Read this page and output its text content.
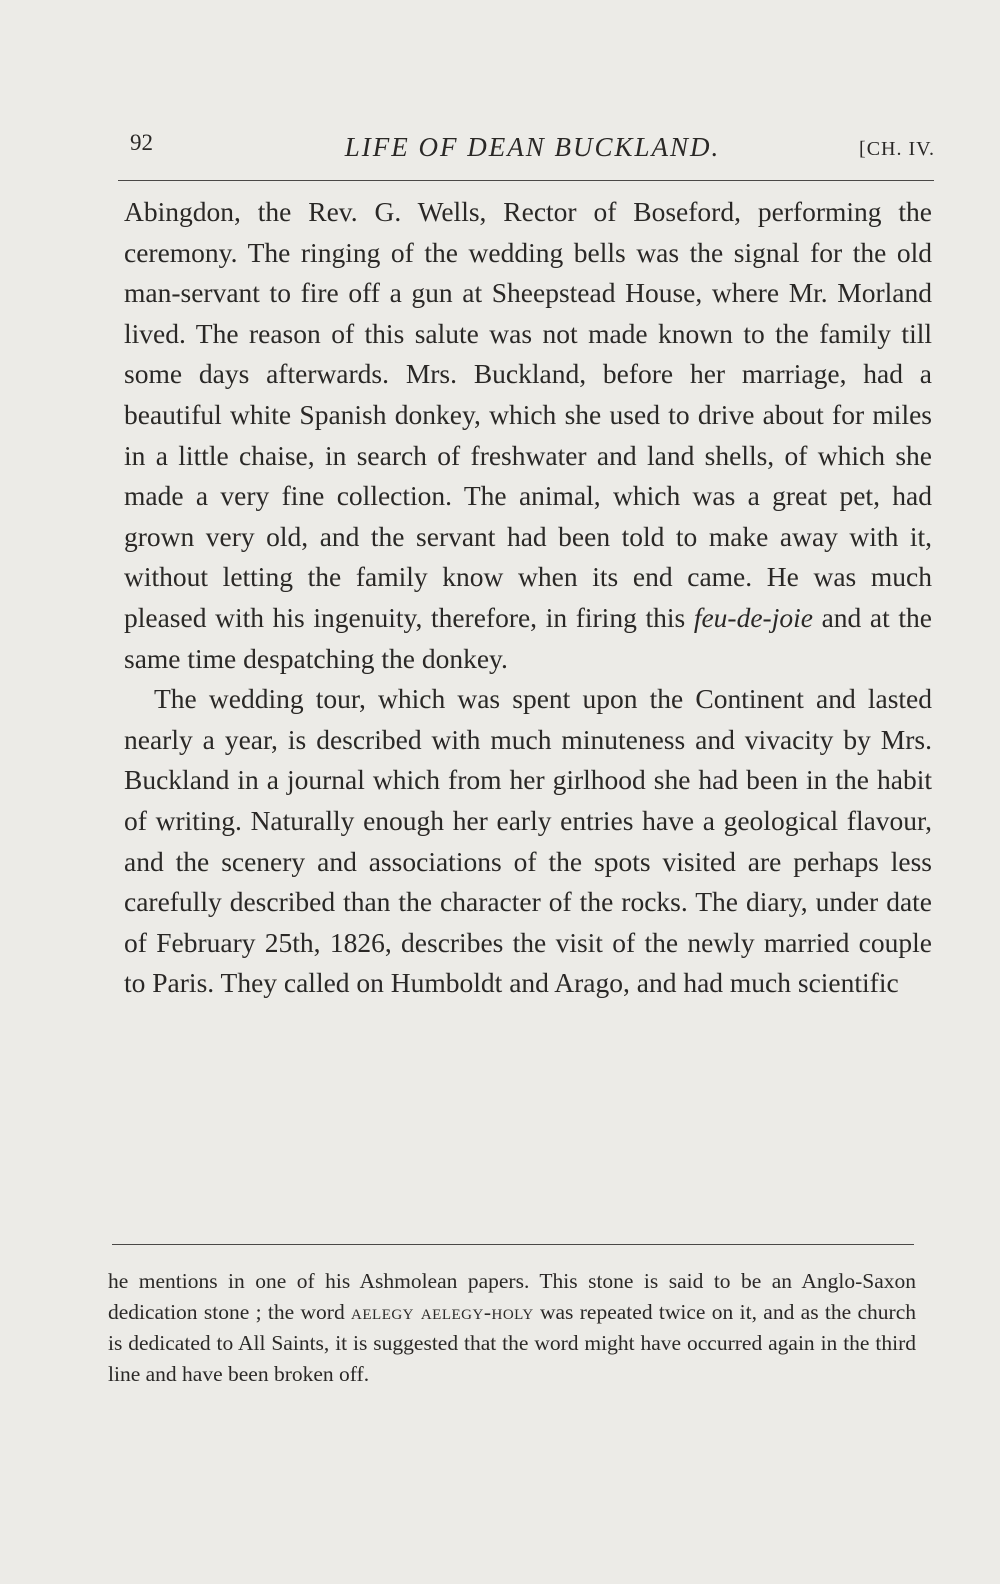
92	LIFE OF DEAN BUCKLAND.	[CH. IV.

Abingdon, the Rev. G. Wells, Rector of Boseford, performing the ceremony. The ringing of the wedding bells was the signal for the old man-servant to fire off a gun at Sheepstead House, where Mr. Morland lived. The reason of this salute was not made known to the family till some days afterwards. Mrs. Buckland, before her marriage, had a beautiful white Spanish donkey, which she used to drive about for miles in a little chaise, in search of freshwater and land shells, of which she made a very fine collection. The animal, which was a great pet, had grown very old, and the servant had been told to make away with it, without letting the family know when its end came. He was much pleased with his ingenuity, therefore, in firing this feu-de-joie and at the same time despatching the donkey.

The wedding tour, which was spent upon the Continent and lasted nearly a year, is described with much minuteness and vivacity by Mrs. Buckland in a journal which from her girlhood she had been in the habit of writing. Naturally enough her early entries have a geological flavour, and the scenery and associations of the spots visited are perhaps less carefully described than the character of the rocks. The diary, under date of February 25th, 1826, describes the visit of the newly married couple to Paris. They called on Humboldt and Arago, and had much scientific

he mentions in one of his Ashmolean papers. This stone is said to be an Anglo-Saxon dedication stone ; the word aelegy aelegy-holy was repeated twice on it, and as the church is dedicated to All Saints, it is suggested that the word might have occurred again in the third line and have been broken off.
